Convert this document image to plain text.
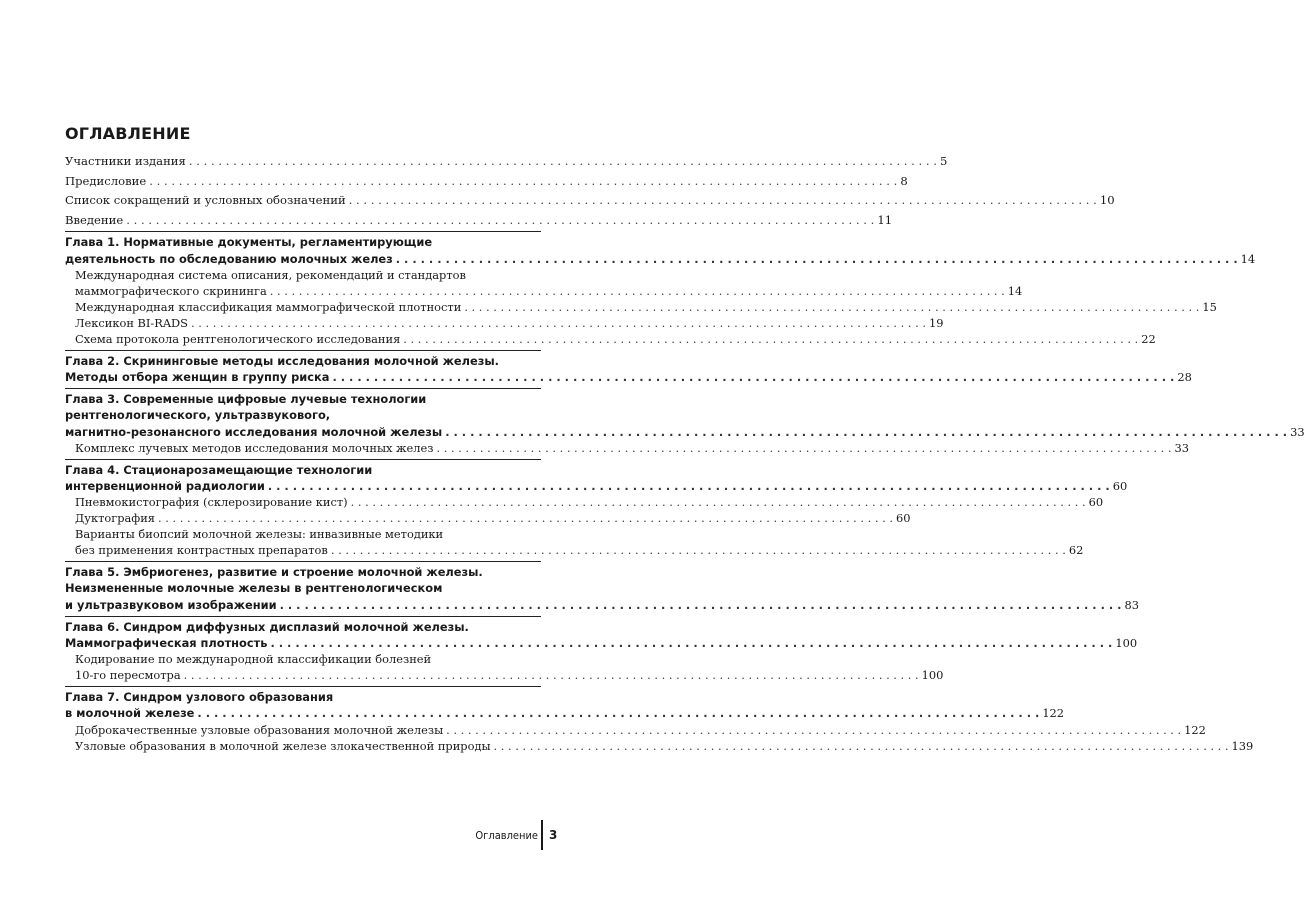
ОГЛАВЛЕНИЕ
Участники издания . . .	5
Предисловие . . .	8
Список сокращений и условных обозначений . . .	10
Введение . . .	11
Глава 1. Нормативные документы, регламентирующие
деятельность по обследованию молочных желез . . .	14
Международная система описания, рекомендаций и стандартов
маммографического скрининга . . .	14
Международная классификация маммографической плотности . . .	15
Лексикон BI-RADS . . .	19
Схема протокола рентгенологического исследования . . .	22
Глава 2. Скрининговые методы исследования молочной железы.
Методы отбора женщин в группу риска . . .	28
Глава 3. Современные цифровые лучевые технологии
рентгенологического, ультразвукового,
магнитно-резонансного исследования молочной железы . . .	33
Комплекс лучевых методов исследования молочных желез . . .	33
Глава 4. Стационарозамещающие технологии
интервенционной радиологии . . .	60
Пневмокистография (склерозирование кист) . . .	60
Дуктография . . .	60
Варианты биопсий молочной железы: инвазивные методики
без применения контрастных препаратов . . .	62
Глава 5. Эмбриогенез, развитие и строение молочной железы.
Неизмененные молочные железы в рентгенологическом
и ультразвуковом изображении . . .	83
Глава 6. Синдром диффузных дисплазий молочной железы.
Маммографическая плотность . . .	100
Кодирование по международной классификации болезней
10-го пересмотра . . .	100
Глава 7. Синдром узлового образования
в молочной железе . . .	122
Доброкачественные узловые образования молочной железы . . .	122
Узловые образования в молочной железе злокачественной природы . . .	139
Оглавление 3
